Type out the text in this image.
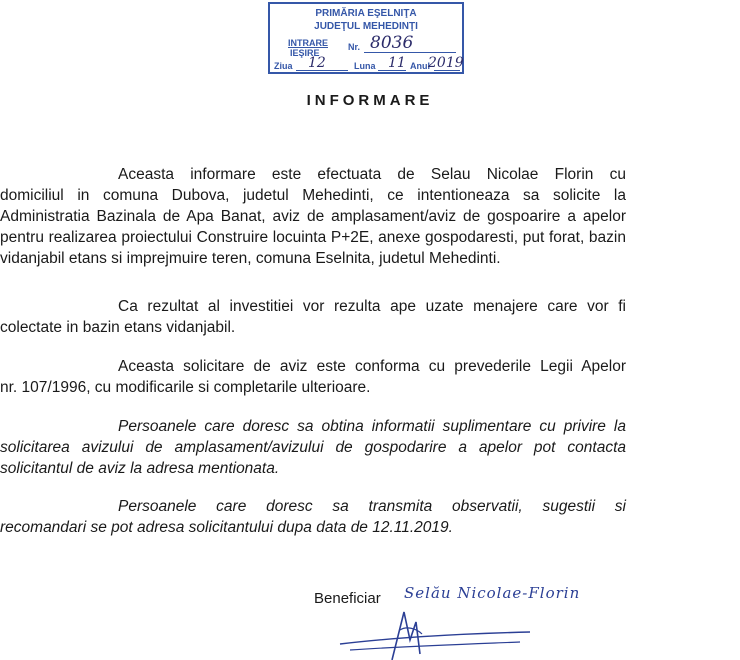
PRIMĂRIA EŞELNIŢA
JUDEŢUL MEHEDINŢI
INTRARE
IEŞIRE
Nr. 8036
Ziua 12	Luna 11 Anul
2019
INFORMARE
Aceasta informare este efectuata de Selau Nicolae Florin cu
domiciliul in comuna Dubova, judetul Mehedinti, ce intentioneaza sa solicite la Administratia Bazinala de Apa Banat, aviz de amplasament/aviz de gospoarire a apelor pentru realizarea proiectului Construire locuinta P+2E, anexe gospodaresti, put forat, bazin vidanjabil etans si imprejmuire teren, comuna Eselnita, judetul Mehedinti.
Ca rezultat al investitiei vor rezulta ape uzate menajere care vor fi
colectate in bazin etans vidanjabil.
Aceasta solicitare de aviz este conforma cu prevederile Legii Apelor
nr. 107/1996, cu modificarile si completarile ulterioare.
Persoanele care doresc sa obtina informatii suplimentare cu privire la
solicitarea avizului de amplasament/avizului de gospodarire a apelor pot contacta solicitantul de aviz la adresa mentionata.
Persoanele care doresc sa transmita observatii, sugestii si
recomandari se pot adresa solicitantului dupa data de 12.11.2019.
Beneficiar Selău Nicolae-Florin
